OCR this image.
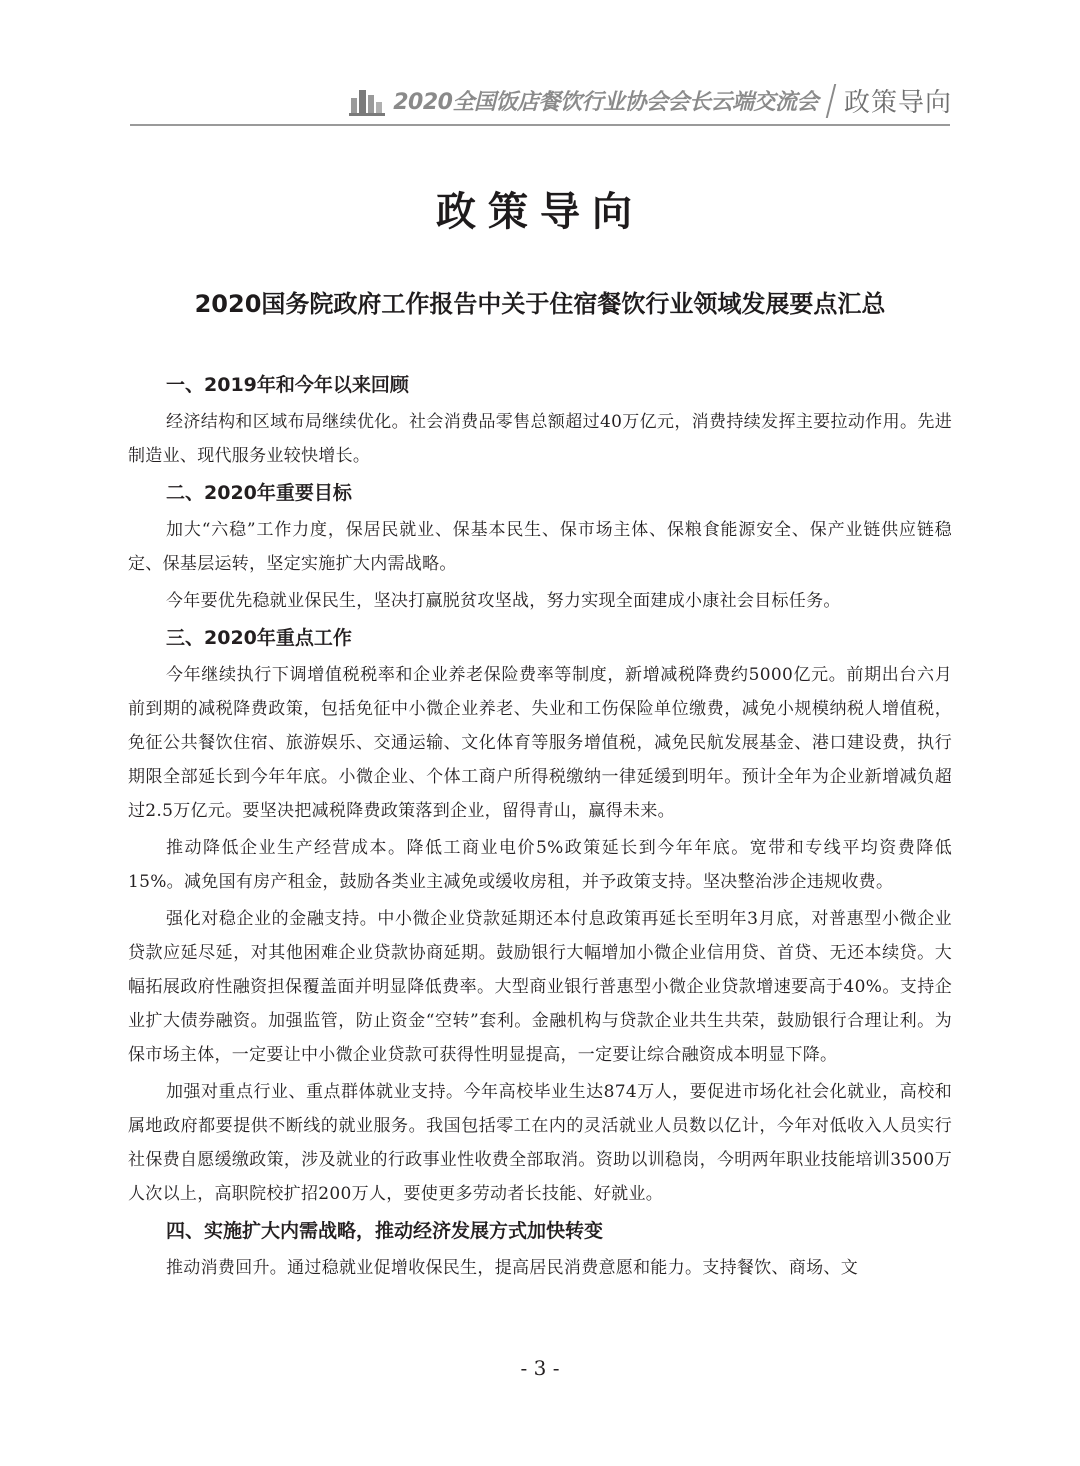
2020全国饭店餐饮行业协会会长云端交流会 政策导向
政策导向
2020国务院政府工作报告中关于住宿餐饮行业领域发展要点汇总
一、2019年和今年以来回顾

经济结构和区域布局继续优化。社会消费品零售总额超过40万亿元，消费持续发挥主要拉动作用。先进制造业、现代服务业较快增长。

二、2020年重要目标

加大“六稳”工作力度，保居民就业、保基本民生、保市场主体、保粮食能源安全、保产业链供应链稳定、保基层运转，坚定实施扩大内需战略。

今年要优先稳就业保民生，坚决打赢脱贫攻坚战，努力实现全面建成小康社会目标任务。

三、2020年重点工作

今年继续执行下调增值税税率和企业养老保险费率等制度，新增减税降费约5000亿元。前期出台六月前到期的减税降费政策，包括免征中小微企业养老、失业和工伤保险单位缴费，减免小规模纳税人增值税，免征公共餐饮住宿、旅游娱乐、交通运输、文化体育等服务增值税，减免民航发展基金、港口建设费，执行期限全部延长到今年年底。小微企业、个体工商户所得税缴纳一律延缓到明年。预计全年为企业新增减负超过2.5万亿元。要坚决把减税降费政策落到企业，留得青山，赢得未来。

推动降低企业生产经营成本。降低工商业电价5%政策延长到今年年底。宽带和专线平均资费降低15%。减免国有房产租金，鼓励各类业主减免或缓收房租，并予政策支持。坚决整治涉企违规收费。

强化对稳企业的金融支持。中小微企业贷款延期还本付息政策再延长至明年3月底，对普惠型小微企业贷款应延尽延，对其他困难企业贷款协商延期。鼓励银行大幅增加小微企业信用贷、首贷、无还本续贷。大幅拓展政府性融资担保覆盖面并明显降低费率。大型商业银行普惠型小微企业贷款增速要高于40%。支持企业扩大债券融资。加强监管，防止资金“空转”套利。金融机构与贷款企业共生共荣，鼓励银行合理让利。为保市场主体，一定要让中小微企业贷款可获得性明显提高，一定要让综合融资成本明显下降。

加强对重点行业、重点群体就业支持。今年高校毕业生达874万人，要促进市场化社会化就业，高校和属地政府都要提供不断线的就业服务。我国包括零工在内的灵活就业人员数以亿计，今年对低收入人员实行社保费自愿缓缴政策，涉及就业的行政事业性收费全部取消。资助以训稳岗，今明两年职业技能培训3500万人次以上，高职院校扩招200万人，要使更多劳动者长技能、好就业。

四、实施扩大内需战略，推动经济发展方式加快转变

推动消费回升。通过稳就业促增收保民生，提高居民消费意愿和能力。支持餐饮、商场、文

- 3 -
